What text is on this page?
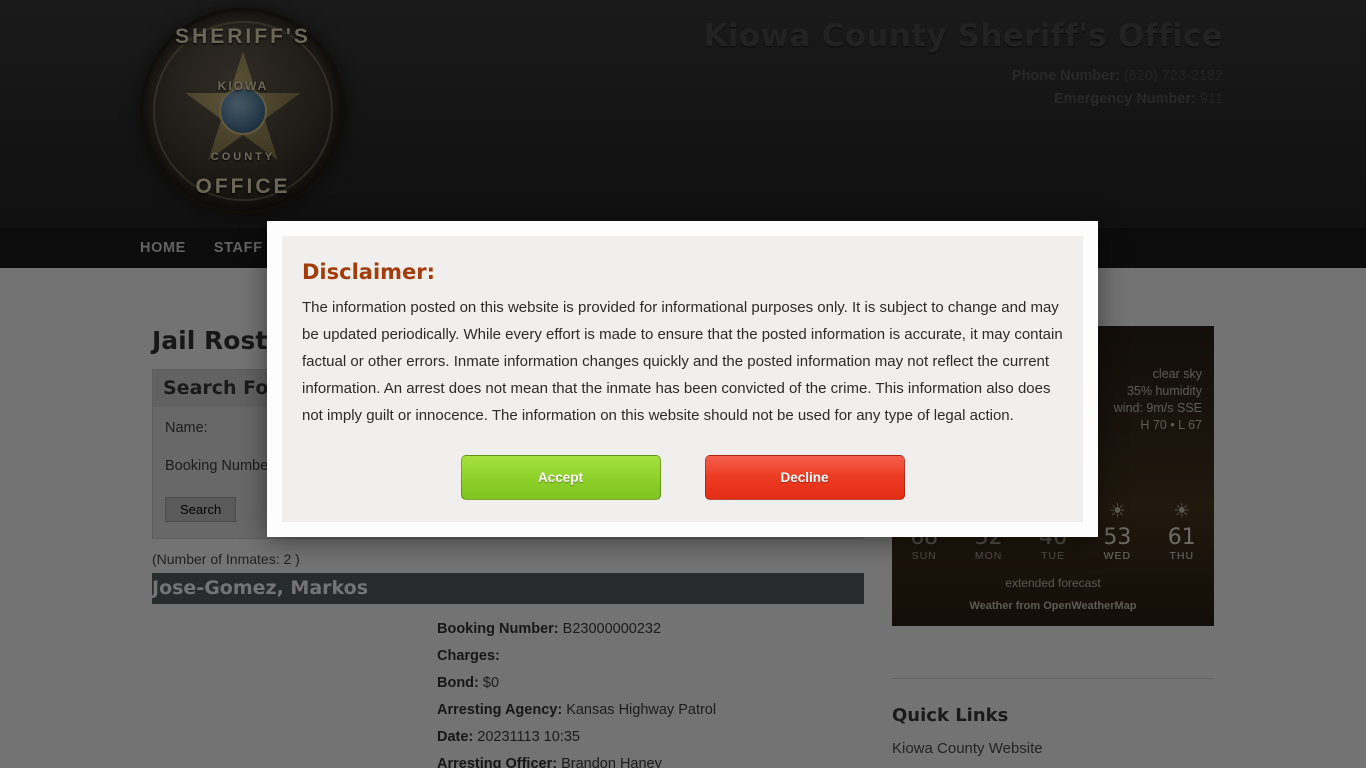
Disclaimer:

The information posted on this website is provided for informational purposes only. It is subject to change and may be updated periodically. While every effort is made to ensure that the posted information is accurate, it may contain factual or other errors. Inmate information changes quickly and the posted information may not reflect the current information. An arrest does not mean that the inmate has been convicted of the crime. This information also does not imply guilt or innocence. The information on this website should not be used for any type of legal action.

Accept	Decline
